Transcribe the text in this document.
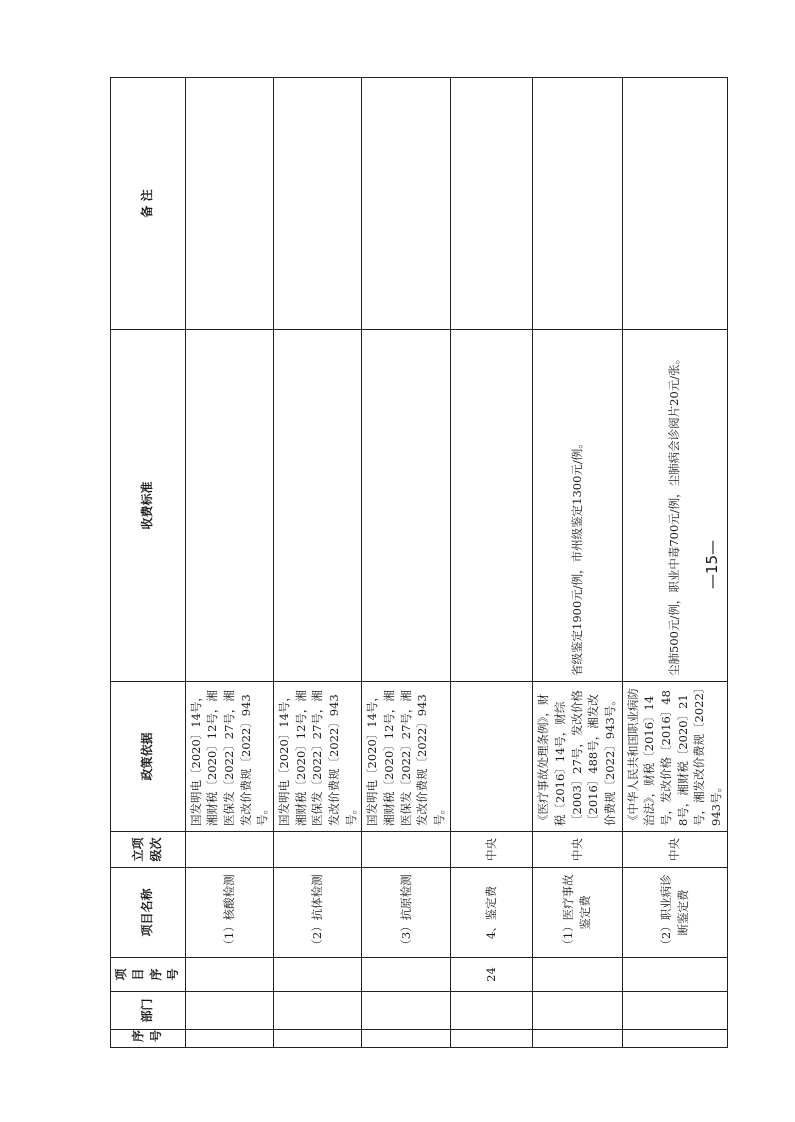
序号	部门	项目序号	项目名称	立项级次	政策依据	收费标准	备 注
			（1）核酸检测		国发明电〔2020〕14号，湘财税〔2020〕12号，湘医保发〔2022〕27号，湘发改价费规〔2022〕943号。		
			（2）抗体检测		国发明电〔2020〕14号，湘财税〔2020〕12号，湘医保发〔2022〕27号，湘发改价费规〔2022〕943号。		
			（3）抗原检测		国发明电〔2020〕14号，湘财税〔2020〕12号，湘医保发〔2022〕27号，湘发改价费规〔2022〕943号。		
		24	4、鉴定费	中央			
			（1）医疗事故鉴定费	中央	《医疗事故处理条例》，财税〔2016〕14号，财综〔2003〕27号，发改价格〔2016〕488号，湘发改价费规〔2022〕943号。	省级鉴定1900元/例，市州级鉴定1300元/例。	
			（2）职业病诊断鉴定费	中央	《中华人民共和国职业病防治法》，财税〔2016〕14号，发改价格〔2016〕488号，湘财税〔2020〕21号，湘发改价费规〔2022〕943号。	尘肺500元/例，职业中毒700元/例，尘肺病会诊阅片20元/张。	—15—
